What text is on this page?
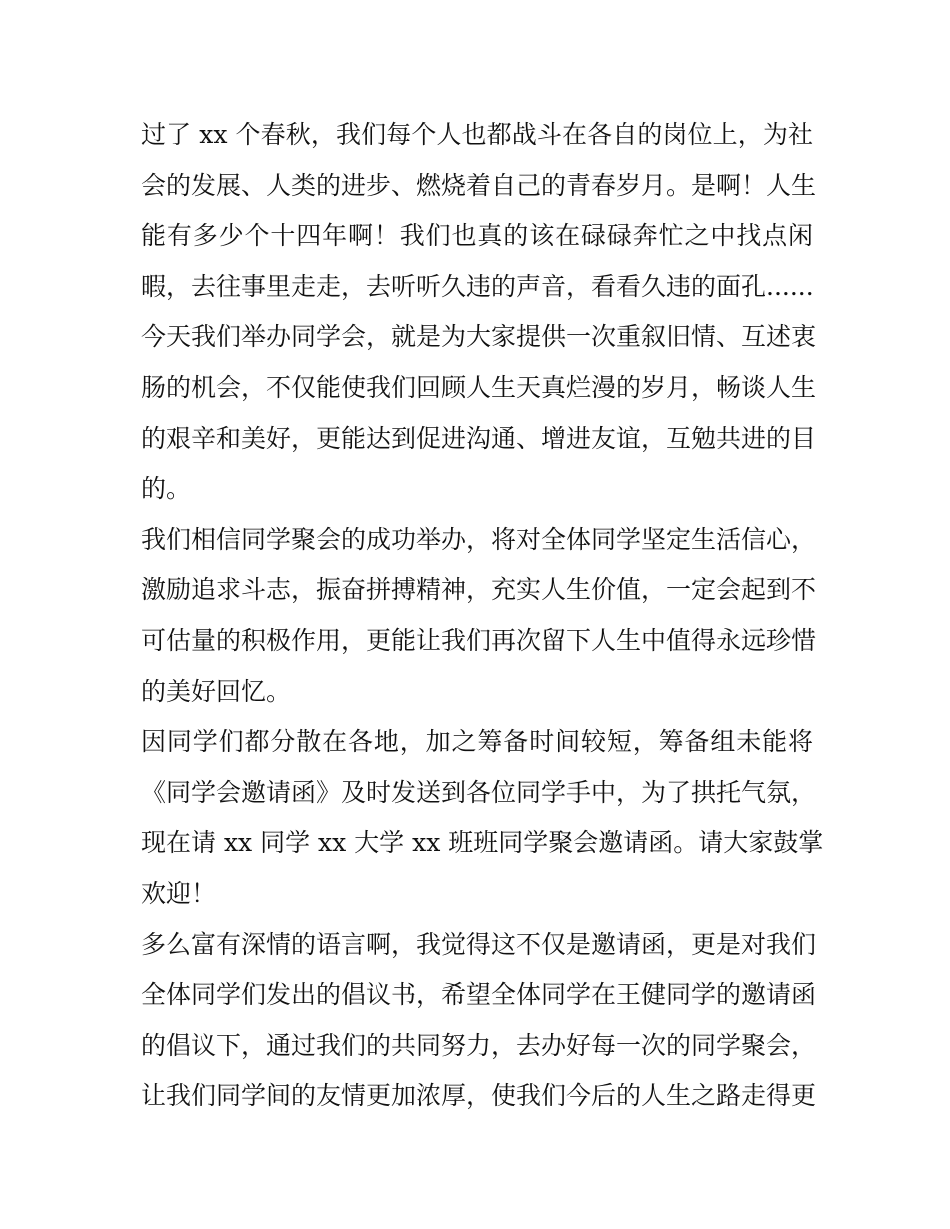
过了 xx 个春秋，我们每个人也都战斗在各自的岗位上，为社
会的发展、人类的进步、燃烧着自己的青春岁月。是啊！人生
能有多少个十四年啊！我们也真的该在碌碌奔忙之中找点闲
暇，去往事里走走，去听听久违的声音，看看久违的面孔......
今天我们举办同学会，就是为大家提供一次重叙旧情、互述衷
肠的机会，不仅能使我们回顾人生天真烂漫的岁月，畅谈人生
的艰辛和美好，更能达到促进沟通、增进友谊，互勉共进的目
的。
我们相信同学聚会的成功举办，将对全体同学坚定生活信心，
激励追求斗志，振奋拼搏精神，充实人生价值，一定会起到不
可估量的积极作用，更能让我们再次留下人生中值得永远珍惜
的美好回忆。
因同学们都分散在各地，加之筹备时间较短，筹备组未能将
《同学会邀请函》及时发送到各位同学手中，为了拱托气氛，
现在请 xx 同学 xx 大学 xx 班班同学聚会邀请函。请大家鼓掌
欢迎！
多么富有深情的语言啊，我觉得这不仅是邀请函，更是对我们
全体同学们发出的倡议书，希望全体同学在王健同学的邀请函
的倡议下，通过我们的共同努力，去办好每一次的同学聚会，
让我们同学间的友情更加浓厚，使我们今后的人生之路走得更
